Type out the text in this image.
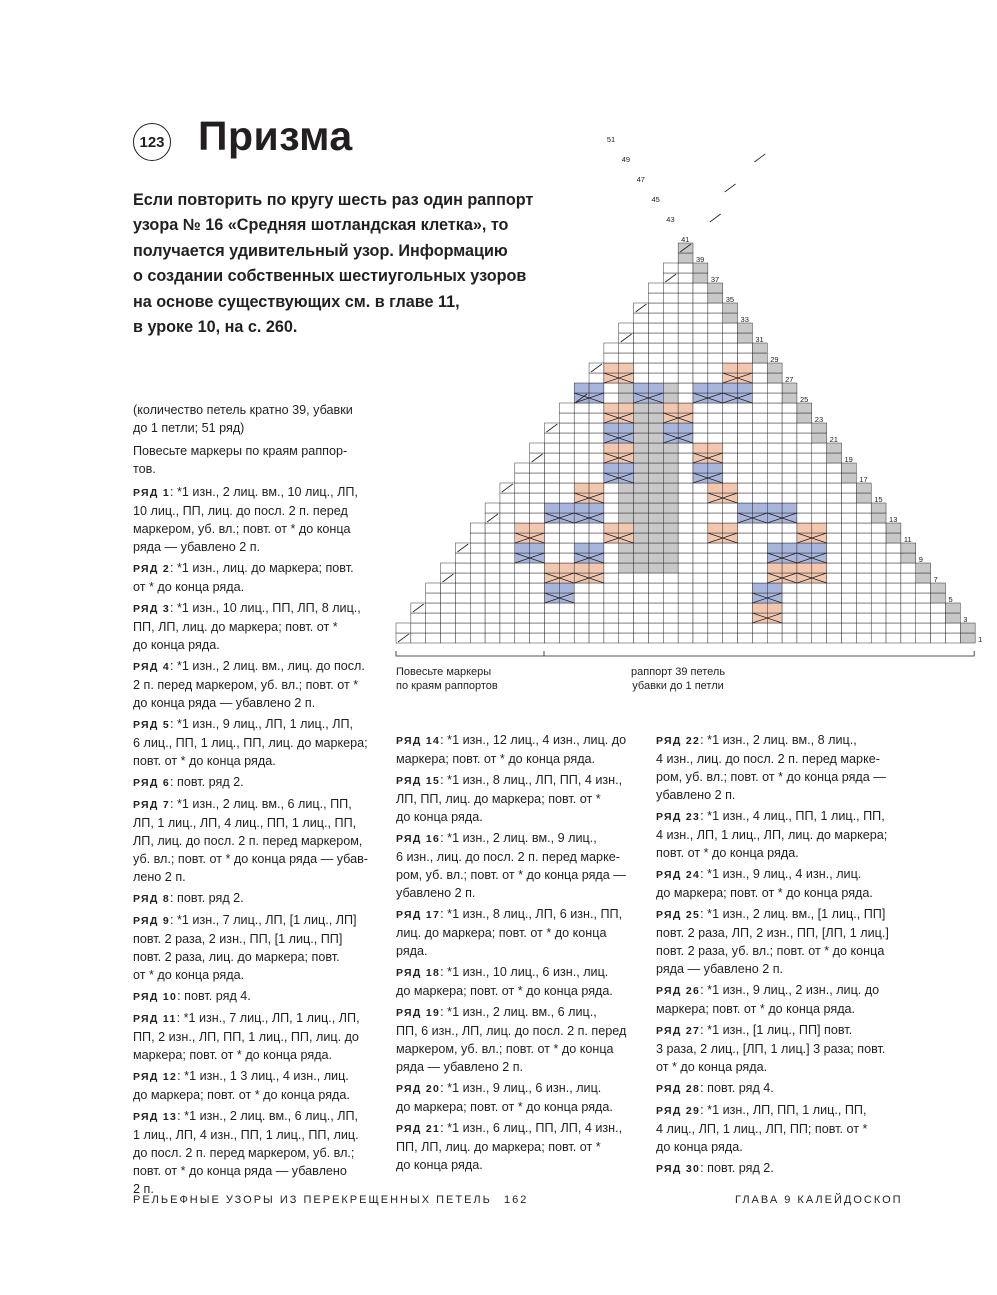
123 Призма
Если повторить по кругу шесть раз один раппорт
узора № 16 «Средняя шотландская клетка», то
получается удивительный узор. Информацию
о создании собственных шестиугольных узоров
на основе существующих см. в главе 11,
в уроке 10, на с. 260.
(количество петель кратно 39, убавки
до 1 петли; 51 ряд)
Повесьте маркеры по краям раппор-
тов.
РЯД 1: *1 изн., 2 лиц. вм., 10 лиц., ЛП,
10 лиц., ПП, лиц. до посл. 2 п. перед
маркером, уб. вл.; повт. от * до конца
ряда — убавлено 2 п.
РЯД 2: *1 изн., лиц. до маркера; повт.
от * до конца ряда.
РЯД 3: *1 изн., 10 лиц., ПП, ЛП, 8 лиц.,
ПП, ЛП, лиц. до маркера; повт. от *
до конца ряда.
РЯД 4: *1 изн., 2 лиц. вм., лиц. до посл.
2 п. перед маркером, уб. вл.; повт. от *
до конца ряда — убавлено 2 п.
РЯД 5: *1 изн., 9 лиц., ЛП, 1 лиц., ЛП,
6 лиц., ПП, 1 лиц., ПП, лиц. до маркера;
повт. от * до конца ряда.
РЯД 6: повт. ряд 2.
РЯД 7: *1 изн., 2 лиц. вм., 6 лиц., ПП,
ЛП, 1 лиц., ЛП, 4 лиц., ПП, 1 лиц., ПП,
ЛП, лиц. до посл. 2 п. перед маркером,
уб. вл.; повт. от * до конца ряда — убав-
лено 2 п.
РЯД 8: повт. ряд 2.
РЯД 9: *1 изн., 7 лиц., ЛП, [1 лиц., ЛП]
повт. 2 раза, 2 изн., ПП, [1 лиц., ПП]
повт. 2 раза, лиц. до маркера; повт.
от * до конца ряда.
РЯД 10: повт. ряд 4.
РЯД 11: *1 изн., 7 лиц., ЛП, 1 лиц., ЛП,
ПП, 2 изн., ЛП, ПП, 1 лиц., ПП, лиц. до
маркера; повт. от * до конца ряда.
РЯД 12: *1 изн., 1 3 лиц., 4 изн., лиц.
до маркера; повт. от * до конца ряда.
РЯД 13: *1 изн., 2 лиц. вм., 6 лиц., ЛП,
1 лиц., ЛП, 4 изн., ПП, 1 лиц., ПП, лиц.
до посл. 2 п. перед маркером, уб. вл.;
повт. от * до конца ряда — убавлено
2 п.
РЯД 14: *1 изн., 12 лиц., 4 изн., лиц. до
маркера; повт. от * до конца ряда.
РЯД 15: *1 изн., 8 лиц., ЛП, ПП, 4 изн.,
ЛП, ПП, лиц. до маркера; повт. от *
до конца ряда.
РЯД 16: *1 изн., 2 лиц. вм., 9 лиц.,
6 изн., лиц. до посл. 2 п. перед марке-
ром, уб. вл.; повт. от * до конца ряда —
убавлено 2 п.
РЯД 17: *1 изн., 8 лиц., ЛП, 6 изн., ПП,
лиц. до маркера; повт. от * до конца
ряда.
РЯД 18: *1 изн., 10 лиц., 6 изн., лиц.
до маркера; повт. от * до конца ряда.
РЯД 19: *1 изн., 2 лиц. вм., 6 лиц.,
ПП, 6 изн., ЛП, лиц. до посл. 2 п. перед
маркером, уб. вл.; повт. от * до конца
ряда — убавлено 2 п.
РЯД 20: *1 изн., 9 лиц., 6 изн., лиц.
до маркера; повт. от * до конца ряда.
РЯД 21: *1 изн., 6 лиц., ПП, ЛП, 4 изн.,
ПП, ЛП, лиц. до маркера; повт. от *
до конца ряда.
РЯД 22: *1 изн., 2 лиц. вм., 8 лиц.,
4 изн., лиц. до посл. 2 п. перед марке-
ром, уб. вл.; повт. от * до конца ряда —
убавлено 2 п.
РЯД 23: *1 изн., 4 лиц., ПП, 1 лиц., ПП,
4 изн., ЛП, 1 лиц., ЛП, лиц. до маркера;
повт. от * до конца ряда.
РЯД 24: *1 изн., 9 лиц., 4 изн., лиц.
до маркера; повт. от * до конца ряда.
РЯД 25: *1 изн., 2 лиц. вм., [1 лиц., ПП]
повт. 2 раза, ЛП, 2 изн., ПП, [ЛП, 1 лиц.]
повт. 2 раза, уб. вл.; повт. от * до конца
ряда — убавлено 2 п.
РЯД 26: *1 изн., 9 лиц., 2 изн., лиц. до
маркера; повт. от * до конца ряда.
РЯД 27: *1 изн., [1 лиц., ПП] повт.
3 раза, 2 лиц., [ЛП, 1 лиц.] 3 раза; повт.
от * до конца ряда.
РЯД 28: повт. ряд 4.
РЯД 29: *1 изн., ЛП, ПП, 1 лиц., ПП,
4 лиц., ЛП, 1 лиц., ЛП, ПП; повт. от *
до конца ряда.
РЯД 30: повт. ряд 2.
1
3
5
7
9
11
13
15
17
19
21
23
25
27
29
31
33
35
37
39
41
43
45
47
49
51
Повесьте маркеры
по краям раппортов
раппорт 39 петель
убавки до 1 петли
РЕЛЬЕФНЫЕ УЗОРЫ ИЗ ПЕРЕКРЕЩЕННЫХ ПЕТЕЛЬ 162	ГЛАВА 9 КАЛЕЙДОСКОП
